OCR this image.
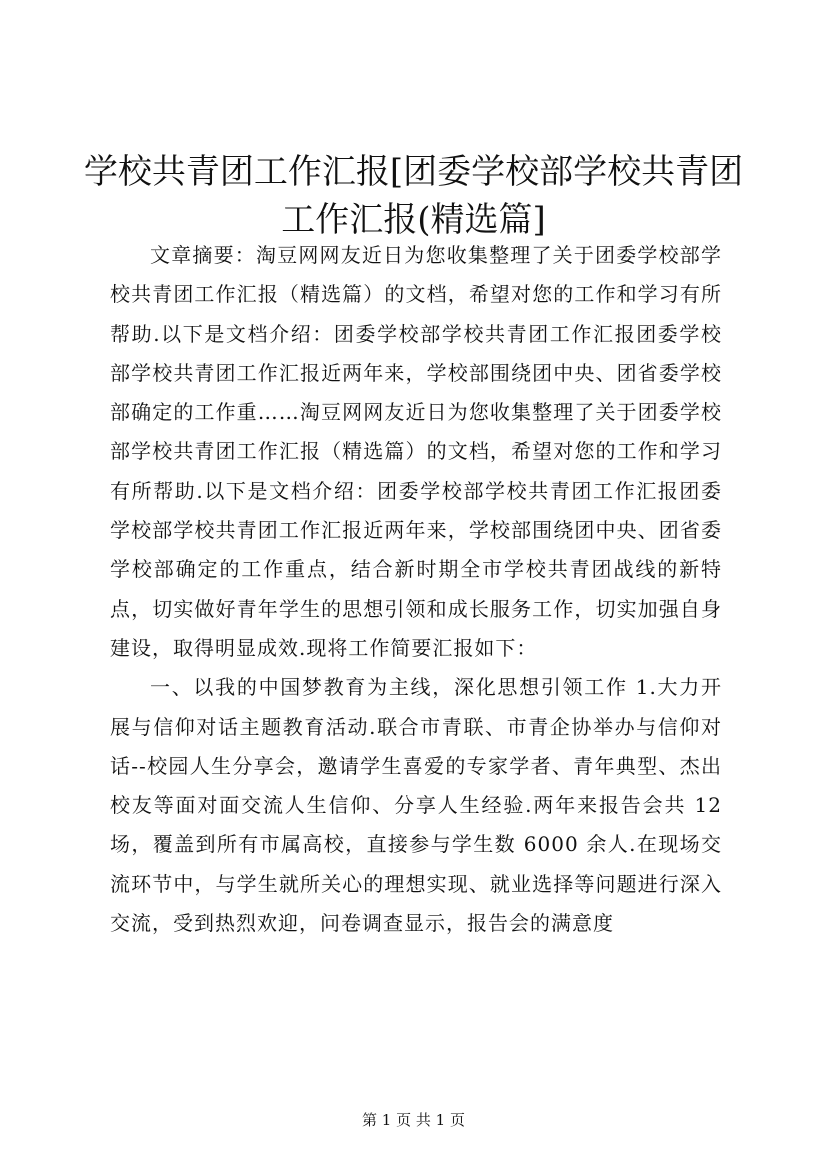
学校共青团工作汇报[团委学校部学校共青团
工作汇报(精选篇]

文章摘要：淘豆网网友近日为您收集整理了关于团委学校部学校共青团工作汇报（精选篇）的文档，希望对您的工作和学习有所帮助.以下是文档介绍：团委学校部学校共青团工作汇报团委学校部学校共青团工作汇报近两年来，学校部围绕团中央、团省委学校部确定的工作重……淘豆网网友近日为您收集整理了关于团委学校部学校共青团工作汇报（精选篇）的文档，希望对您的工作和学习有所帮助.以下是文档介绍：团委学校部学校共青团工作汇报团委学校部学校共青团工作汇报近两年来，学校部围绕团中央、团省委学校部确定的工作重点，结合新时期全市学校共青团战线的新特点，切实做好青年学生的思想引领和成长服务工作，切实加强自身建设，取得明显成效.现将工作简要汇报如下：

一、以我的中国梦教育为主线，深化思想引领工作 1.大力开展与信仰对话主题教育活动.联合市青联、市青企协举办与信仰对话--校园人生分享会，邀请学生喜爱的专家学者、青年典型、杰出校友等面对面交流人生信仰、分享人生经验.两年来报告会共 12 场，覆盖到所有市属高校，直接参与学生数 6000 余人.在现场交流环节中，与学生就所关心的理想实现、就业选择等问题进行深入交流，受到热烈欢迎，问卷调查显示，报告会的满意度

第 1 页 共 1 页
